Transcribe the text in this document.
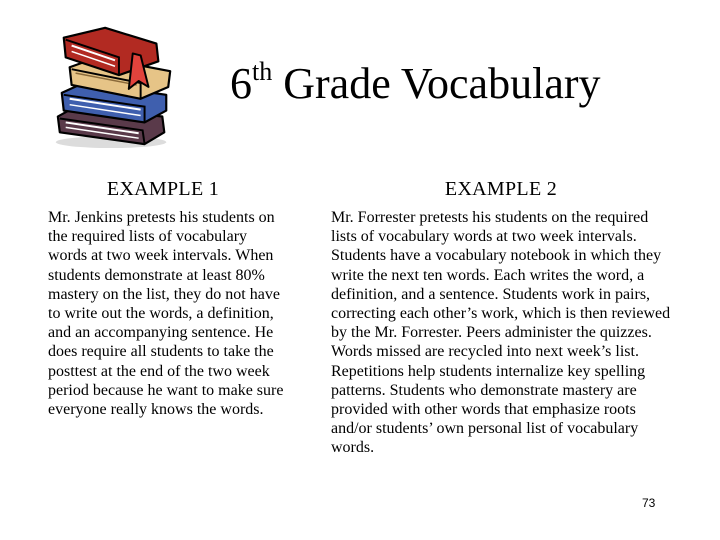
6th Grade Vocabulary
EXAMPLE 1

Mr. Jenkins pretests his students on the required lists of vocabulary words at two week intervals. When students demonstrate at least 80% mastery on the list, they do not have to write out the words, a definition, and an accompanying sentence. He does require all students to take the posttest at the end of the two week period because he want to make sure everyone really knows the words.

EXAMPLE 2

Mr. Forrester pretests his students on the required lists of vocabulary words at two week intervals. Students have a vocabulary notebook in which they write the next ten words. Each writes the word, a definition, and a sentence. Students work in pairs, correcting each other’s work, which is then reviewed by the Mr. Forrester. Peers administer the quizzes. Words missed are recycled into next week’s list. Repetitions help students internalize key spelling patterns. Students who demonstrate mastery are provided with other words that emphasize roots and/or students’ own personal list of vocabulary words.

73
